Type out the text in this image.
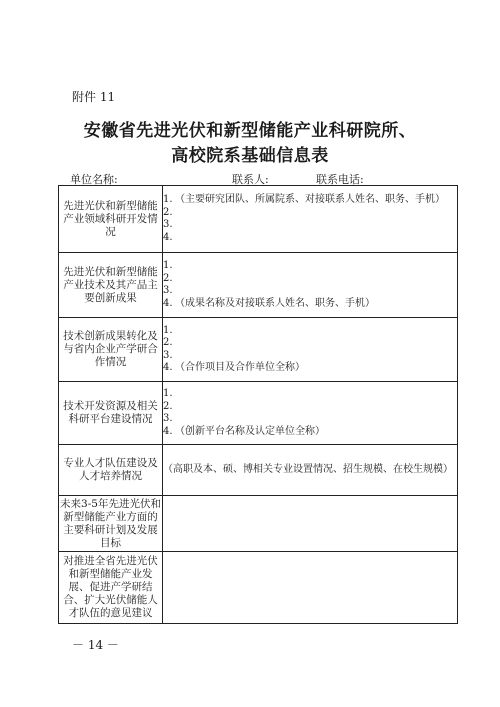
附件 11
安徽省先进光伏和新型储能产业科研院所、
高校院系基础信息表
单位名称:	联系人:	联系电话:
先进光伏和新型储能产业领域科研开发情况	1. （主要研究团队、所属院系、对接联系人姓名、职务、手机）
2.
3.
4.

先进光伏和新型储能产业技术及其产品主要创新成果	1.
2.
3.
4. （成果名称及对接联系人姓名、职务、手机）

技术创新成果转化及与省内企业产学研合作情况	1.
2.
3.
4. （合作项目及合作单位全称）

技术开发资源及相关科研平台建设情况	1.
2.
3.
4. （创新平台名称及认定单位全称）

专业人才队伍建设及人才培养情况	（高职及本、硕、博相关专业设置情况、招生规模、在校生规模）

未来3-5年先进光伏和新型储能产业方面的主要科研计划及发展目标	

对推进全省先进光伏和新型储能产业发展、促进产学研结合、扩大光伏储能人才队伍的意见建议	
－ 14 －
